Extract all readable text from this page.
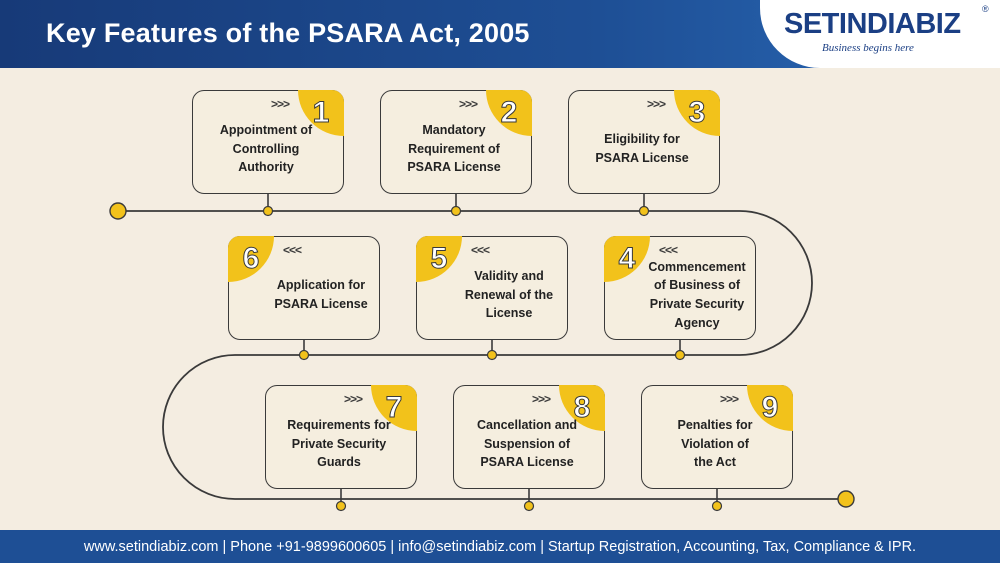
Key Features of the PSARA Act, 2005	SETINDIABIZ ®
Business begins here
1
>>>
Appointment of
Controlling
Authority
2
>>>
Mandatory
Requirement of
PSARA License
3
>>>
Eligibility for
PSARA License
4	<<<
Commencement
of Business of
Private Security
Agency
5	<<<
Validity and
Renewal of the
License
6	<<<
Application for
PSARA License
7
>>>
Requirements for
Private Security
Guards
8
>>>
Cancellation and
Suspension of
PSARA License
9
>>>
Penalties for
Violation of
the Act
www.setindiabiz.com | Phone +91-9899600605 | info@setindiabiz.com | Startup Registration, Accounting, Tax, Compliance & IPR.
